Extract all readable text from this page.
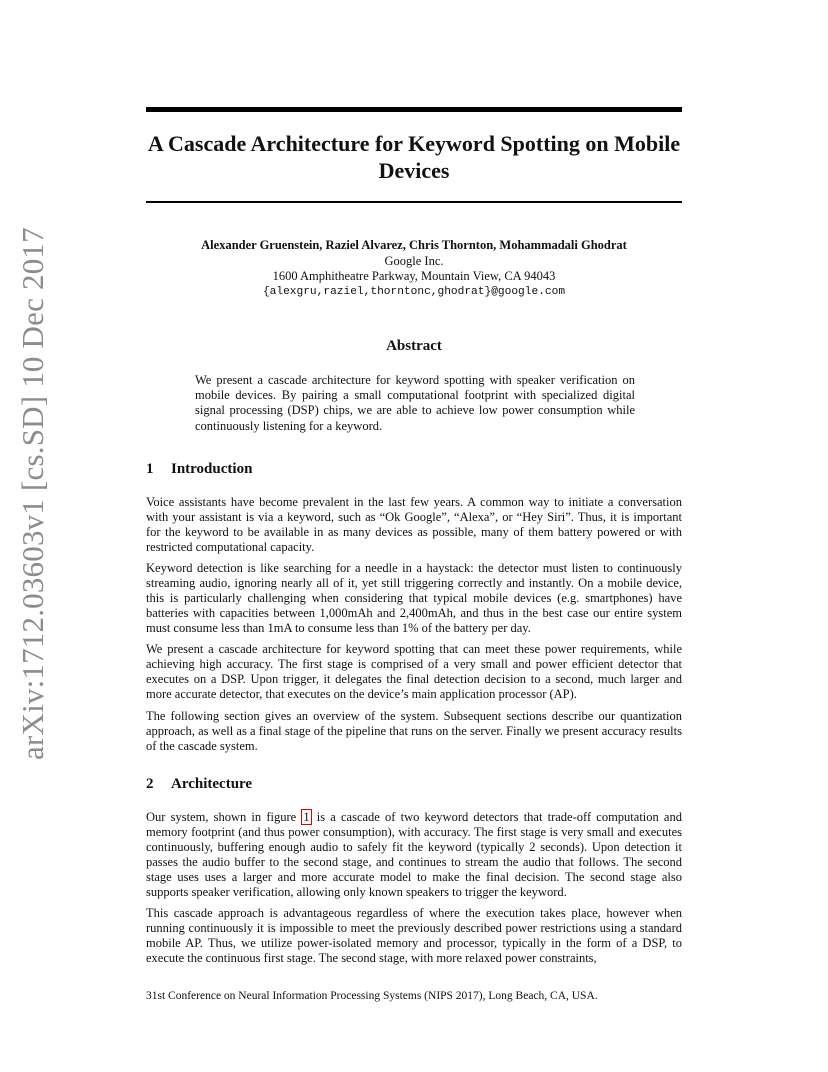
arXiv:1712.03603v1 [cs.SD] 10 Dec 2017
A Cascade Architecture for Keyword Spotting on Mobile Devices
Alexander Gruenstein, Raziel Alvarez, Chris Thornton, Mohammadali Ghodrat
Google Inc.
1600 Amphitheatre Parkway, Mountain View, CA 94043
{alexgru,raziel,thorntonc,ghodrat}@google.com
Abstract

We present a cascade architecture for keyword spotting with speaker verification on mobile devices. By pairing a small computational footprint with specialized digital signal processing (DSP) chips, we are able to achieve low power consumption while continuously listening for a keyword.

1 Introduction

Voice assistants have become prevalent in the last few years. A common way to initiate a conversation with your assistant is via a keyword, such as “Ok Google”, “Alexa”, or “Hey Siri”. Thus, it is important for the keyword to be available in as many devices as possible, many of them battery powered or with restricted computational capacity.

Keyword detection is like searching for a needle in a haystack: the detector must listen to continuously streaming audio, ignoring nearly all of it, yet still triggering correctly and instantly. On a mobile device, this is particularly challenging when considering that typical mobile devices (e.g. smartphones) have batteries with capacities between 1,000mAh and 2,400mAh, and thus in the best case our entire system must consume less than 1mA to consume less than 1% of the battery per day.

We present a cascade architecture for keyword spotting that can meet these power requirements, while achieving high accuracy. The first stage is comprised of a very small and power efficient detector that executes on a DSP. Upon trigger, it delegates the final detection decision to a second, much larger and more accurate detector, that executes on the device’s main application processor (AP).

The following section gives an overview of the system. Subsequent sections describe our quantization approach, as well as a final stage of the pipeline that runs on the server. Finally we present accuracy results of the cascade system.

2 Architecture

Our system, shown in figure 1 is a cascade of two keyword detectors that trade-off computation and memory footprint (and thus power consumption), with accuracy. The first stage is very small and executes continuously, buffering enough audio to safely fit the keyword (typically 2 seconds). Upon detection it passes the audio buffer to the second stage, and continues to stream the audio that follows. The second stage uses uses a larger and more accurate model to make the final decision. The second stage also supports speaker verification, allowing only known speakers to trigger the keyword.

This cascade approach is advantageous regardless of where the execution takes place, however when running continuously it is impossible to meet the previously described power restrictions using a standard mobile AP. Thus, we utilize power-isolated memory and processor, typically in the form of a DSP, to execute the continuous first stage. The second stage, with more relaxed power constraints,

31st Conference on Neural Information Processing Systems (NIPS 2017), Long Beach, CA, USA.
